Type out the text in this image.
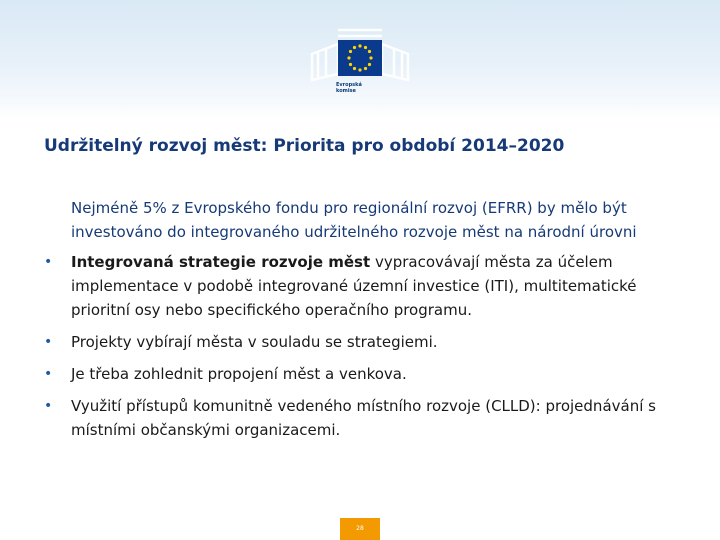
Evropská
komise
Udržitelný rozvoj měst: Priorita pro období 2014–2020
Nejméně 5% z Evropského fondu pro regionální rozvoj (EFRR) by mělo být investováno do integrovaného udržitelného rozvoje měst na národní úrovni
• Integrovaná strategie rozvoje měst vypracovávají města za účelem implementace v podobě integrované územní investice (ITI), multitematické prioritní osy nebo specifického operačního programu.
• Projekty vybírají města v souladu se strategiemi.
• Je třeba zohlednit propojení měst a venkova.
• Využití přístupů komunitně vedeného místního rozvoje (CLLD): projednávání s místními občanskými organizacemi.
28
